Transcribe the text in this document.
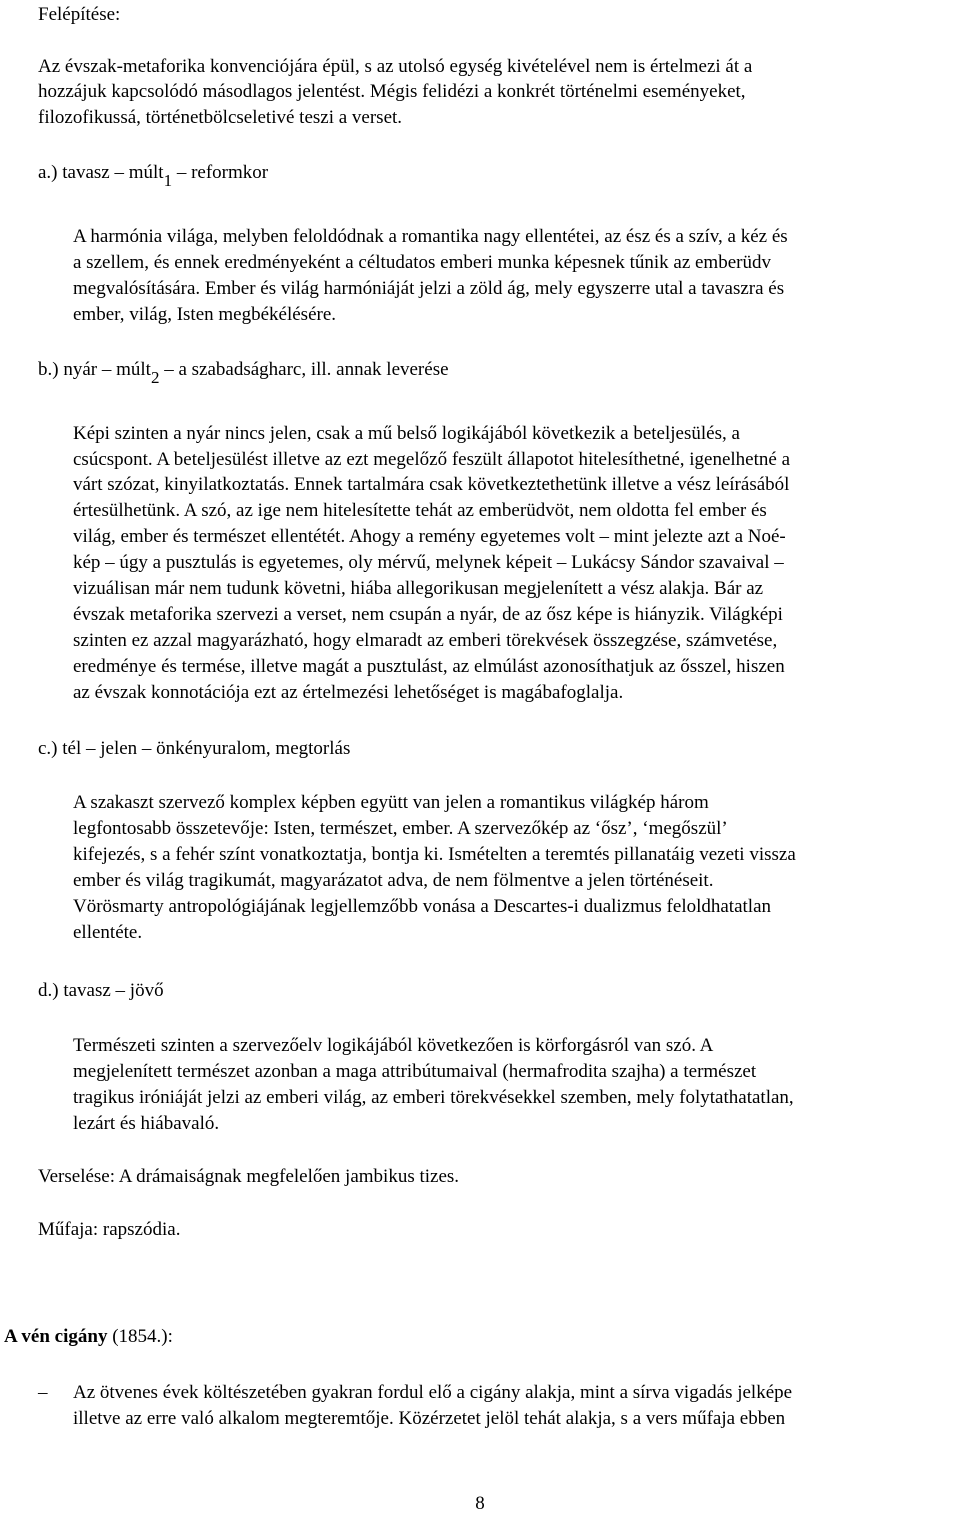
Felépítése:
Az évszak-metaforika konvenciójára épül, s az utolsó egység kivételével nem is értelmezi át a
hozzájuk kapcsolódó másodlagos jelentést. Mégis felidézi a konkrét történelmi eseményeket,
filozofikussá, történetbölcseletivé teszi a verset.
a.) tavasz – múlt$_1$ – reformkor
A harmónia világa, melyben feloldódnak a romantika nagy ellentétei, az ész és a szív, a kéz és
a szellem, és ennek eredményeként a céltudatos emberi munka képesnek tűnik az emberüdv
megvalósítására. Ember és világ harmóniáját jelzi a zöld ág, mely egyszerre utal a tavaszra és
ember, világ, Isten megbékélésére.
b.) nyár – múlt$_2$ – a szabadságharc, ill. annak leverése
Képi szinten a nyár nincs jelen, csak a mű belső logikájából következik a beteljesülés, a
csúcspont. A beteljesülést illetve az ezt megelőző feszült állapotot hitelesíthetné, igenelhetné a
várt szózat, kinyilatkoztatás. Ennek tartalmára csak következtethetünk illetve a vész leírásából
értesülhetünk. A szó, az ige nem hitelesítette tehát az emberüdvöt, nem oldotta fel ember és
világ, ember és természet ellentétét. Ahogy a remény egyetemes volt – mint jelezte azt a Noé-
kép – úgy a pusztulás is egyetemes, oly mérvű, melynek képeit – Lukácsy Sándor szavaival –
vizuálisan már nem tudunk követni, hiába allegorikusan megjelenített a vész alakja. Bár az
évszak metaforika szervezi a verset, nem csupán a nyár, de az ősz képe is hiányzik. Világképi
szinten ez azzal magyarázható, hogy elmaradt az emberi törekvések összegzése, számvetése,
eredménye és termése, illetve magát a pusztulást, az elmúlást azonosíthatjuk az ősszel, hiszen
az évszak konnotációja ezt az értelmezési lehetőséget is magábafoglalja.
c.) tél – jelen – önkényuralom, megtorlás
A szakaszt szervező komplex képben együtt van jelen a romantikus világkép három
legfontosabb összetevője: Isten, természet, ember. A szervezőkép az ‘ősz’, ‘megőszül’
kifejezés, s a fehér színt vonatkoztatja, bontja ki. Ismételten a teremtés pillanatáig vezeti vissza
ember és világ tragikumát, magyarázatot adva, de nem fölmentve a jelen történéseit.
Vörösmarty antropológiájának legjellemzőbb vonása a Descartes-i dualizmus feloldhatatlan
ellentéte.
d.) tavasz – jövő
Természeti szinten a szervezőelv logikájából következően is körforgásról van szó. A
megjelenített természet azonban a maga attribútumaival (hermafrodita szajha) a természet
tragikus iróniáját jelzi az emberi világ, az emberi törekvésekkel szemben, mely folytathatatlan,
lezárt és hiábavaló.
Verselése: A drámaiságnak megfelelően jambikus tizes.
Műfaja: rapszódia.
A vén cigány (1854.):
– Az ötvenes évek költészetében gyakran fordul elő a cigány alakja, mint a sírva vigadás jelképe
illetve az erre való alkalom megteremtője. Közérzetet jelöl tehát alakja, s a vers műfaja ebben
8
